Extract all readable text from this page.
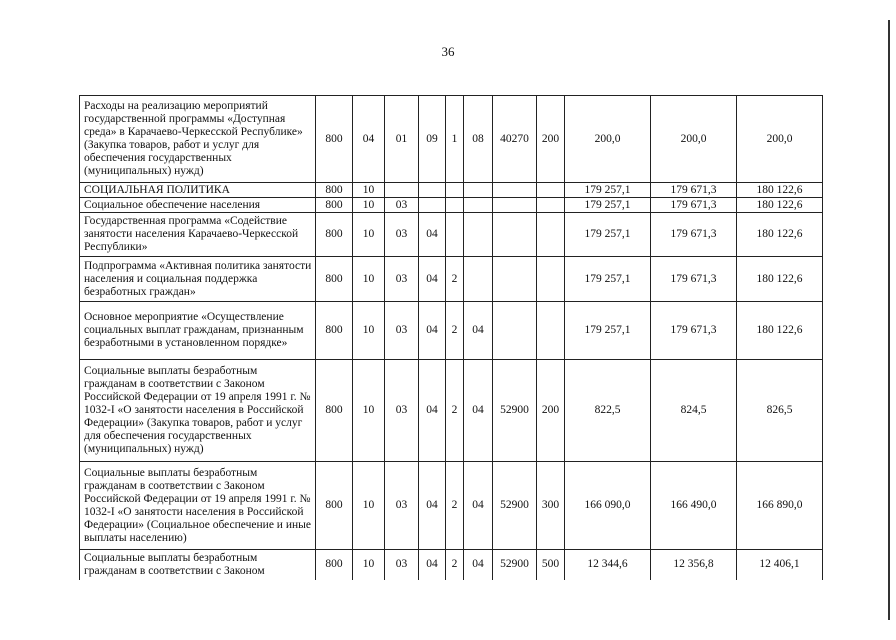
36
Расходы на реализацию мероприятий государственной программы «Доступная среда» в Карачаево-Черкесской Республике» (Закупка товаров, работ и услуг для обеспечения государственных (муниципальных) нужд)	800	04	01	09	1	08	40270	200	200,0	200,0	200,0
СОЦИАЛЬНАЯ ПОЛИТИКА	800	10							179 257,1	179 671,3	180 122,6
Социальное обеспечение населения	800	10	03						179 257,1	179 671,3	180 122,6
Государственная программа «Содействие занятости населения Карачаево-Черкесской Республики»	800	10	03	04					179 257,1	179 671,3	180 122,6
Подпрограмма «Активная политика занятости населения и социальная поддержка безработных граждан»	800	10	03	04	2				179 257,1	179 671,3	180 122,6
Основное мероприятие «Осуществление социальных выплат гражданам, признанным безработными в установленном порядке»	800	10	03	04	2	04			179 257,1	179 671,3	180 122,6
Социальные выплаты безработным гражданам в соответствии с Законом Российской Федерации от 19 апреля 1991 г. № 1032-I «О занятости населения в Российской Федерации» (Закупка товаров, работ и услуг для обеспечения государственных (муниципальных) нужд)	800	10	03	04	2	04	52900	200	822,5	824,5	826,5
Социальные выплаты безработным гражданам в соответствии с Законом Российской Федерации от 19 апреля 1991 г. № 1032-I «О занятости населения в Российской Федерации» (Социальное обеспечение и иные выплаты населению)	800	10	03	04	2	04	52900	300	166 090,0	166 490,0	166 890,0
Социальные выплаты безработным гражданам в соответствии с Законом	800	10	03	04	2	04	52900	500	12 344,6	12 356,8	12 406,1
